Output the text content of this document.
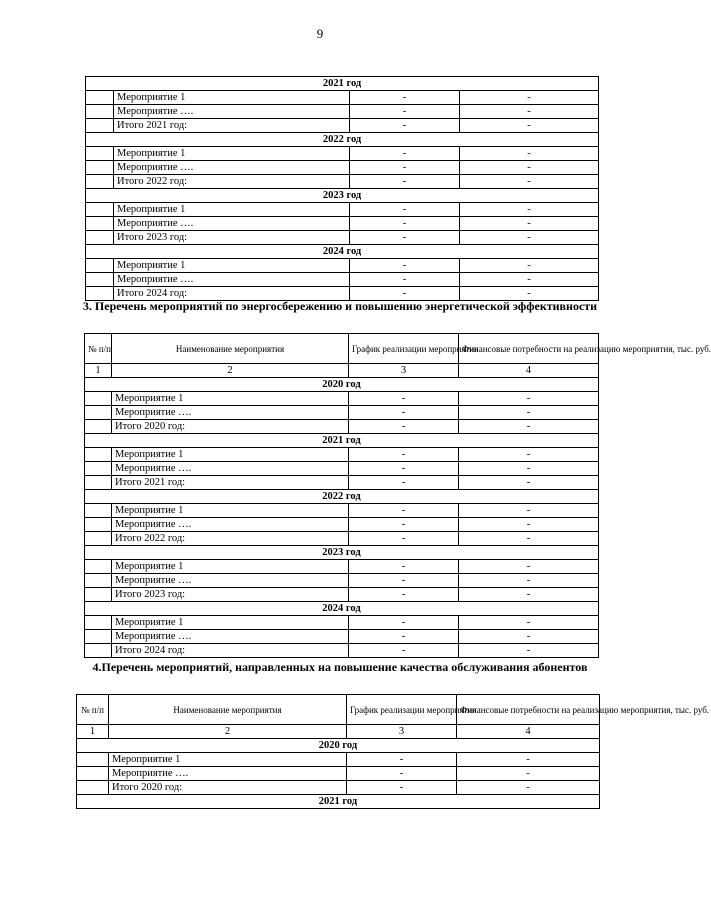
9
2021 год			
	Мероприятие 1	-	-
	Мероприятие ….	-	-
	Итого 2021 год:	-	-
2022 год			
	Мероприятие 1	-	-
	Мероприятие ….	-	-
	Итого 2022 год:	-	-
2023 год			
	Мероприятие 1	-	-
	Мероприятие ….	-	-
	Итого 2023 год:	-	-
2024 год			
	Мероприятие 1	-	-
	Мероприятие ….	-	-
	Итого 2024 год:	-	-
3. Перечень мероприятий по энергосбережению и повышению энергетической эффективности
№ п/п	Наименование мероприятия	График реализации мероприятия	Финансовые потребности на реализацию мероприятия, тыс. руб.
1	2	3	4
2020 год			
	Мероприятие 1	-	-
	Мероприятие ….	-	-
	Итого 2020 год:	-	-
2021 год			
	Мероприятие 1	-	-
	Мероприятие ….	-	-
	Итого 2021 год:	-	-
2022 год			
	Мероприятие 1	-	-
	Мероприятие ….	-	-
	Итого 2022 год:	-	-
2023 год			
	Мероприятие 1	-	-
	Мероприятие ….	-	-
	Итого 2023 год:	-	-
2024 год			
	Мероприятие 1	-	-
	Мероприятие ….	-	-
	Итого 2024 год:	-	-
4.Перечень мероприятий, направленных на повышение качества обслуживания абонентов
№ п/п	Наименование мероприятия	График реализации мероприятия	Финансовые потребности на реализацию мероприятия, тыс. руб.
1	2	3	4
2020 год			
	Мероприятие 1	-	-
	Мероприятие ….	-	-
	Итого 2020 год:	-	-
2021 год			
